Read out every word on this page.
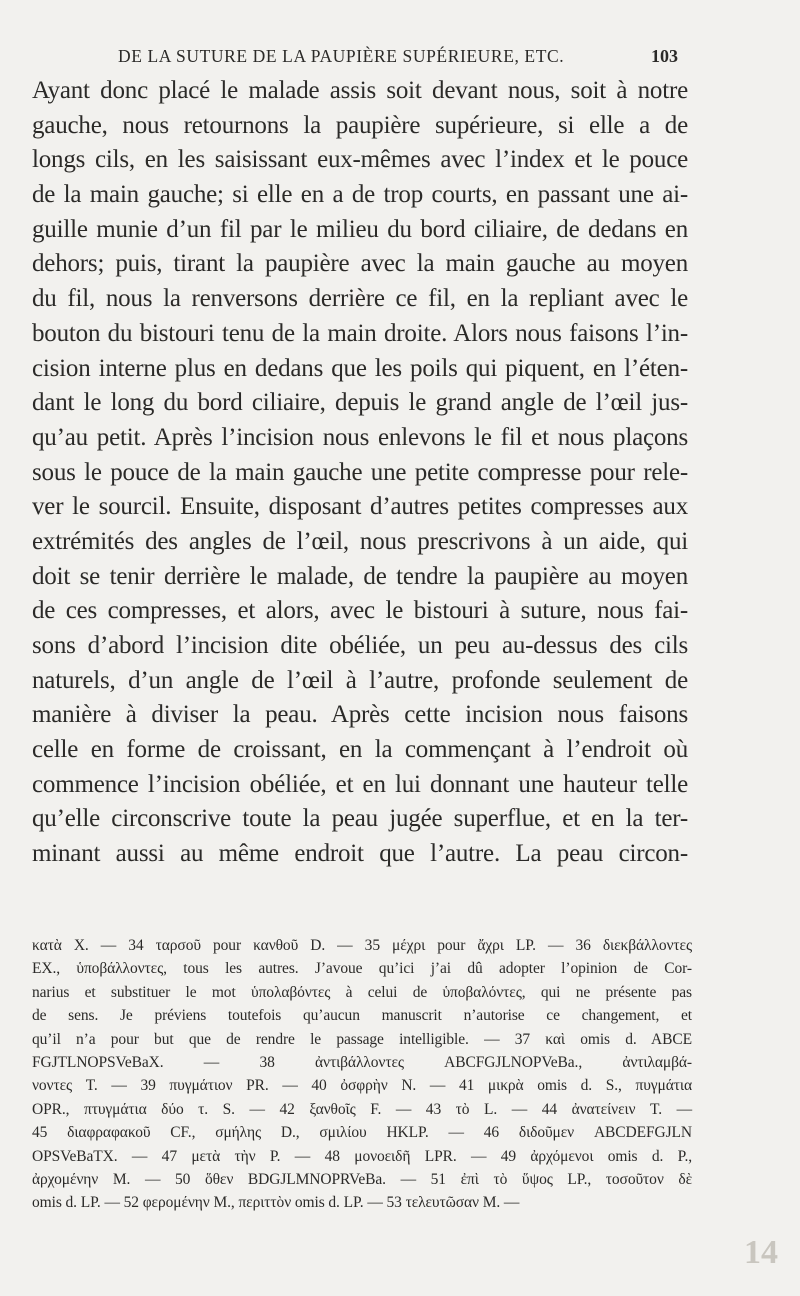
DE LA SUTURE DE LA PAUPIÈRE SUPÉRIEURE, ETC.	103
Ayant donc placé le malade assis soit devant nous, soit à notre
gauche, nous retournons la paupière supérieure, si elle a de
longs cils, en les saisissant eux-mêmes avec l’index et le pouce
de la main gauche; si elle en a de trop courts, en passant une ai-
guille munie d’un fil par le milieu du bord ciliaire, de dedans en
dehors; puis, tirant la paupière avec la main gauche au moyen
du fil, nous la renversons derrière ce fil, en la repliant avec le
bouton du bistouri tenu de la main droite. Alors nous faisons l’in-
cision interne plus en dedans que les poils qui piquent, en l’éten-
dant le long du bord ciliaire, depuis le grand angle de l’œil jus-
qu’au petit. Après l’incision nous enlevons le fil et nous plaçons
sous le pouce de la main gauche une petite compresse pour rele-
ver le sourcil. Ensuite, disposant d’autres petites compresses aux
extrémités des angles de l’œil, nous prescrivons à un aide, qui
doit se tenir derrière le malade, de tendre la paupière au moyen
de ces compresses, et alors, avec le bistouri à suture, nous fai-
sons d’abord l’incision dite obéliée, un peu au-dessus des cils
naturels, d’un angle de l’œil à l’autre, profonde seulement de
manière à diviser la peau. Après cette incision nous faisons
celle en forme de croissant, en la commençant à l’endroit où
commence l’incision obéliée, et en lui donnant une hauteur telle
qu’elle circonscrive toute la peau jugée superflue, et en la ter-
minant aussi au même endroit que l’autre. La peau circon-
κατὰ X. — 34 ταρσοῦ pour κανθοῦ D. — 35 μέχρι pour ἄχρι LP. — 36 διεκβάλλοντες
EX., ὑποβάλλοντες, tous les autres. J’avoue qu’ici j’ai dû adopter l’opinion de Cor-
narius et substituer le mot ὑπολαβόντες à celui de ὑποβαλόντες, qui ne présente pas
de sens. Je préviens toutefois qu’aucun manuscrit n’autorise ce changement, et
qu’il n’a pour but que de rendre le passage intelligible. — 37 καὶ omis d. ABCE
FGJTLNOPSVeBaX. — 38 ἀντιβάλλοντες ABCFGJLNOPVeBa., ἀντιλαμβά-
νοντες T. — 39 πυγμάτιον PR. — 40 ὀσφρὴν N. — 41 μικρὰ omis d. S., πυγμάτια
OPR., πτυγμάτια δύο τ. S. — 42 ξανθοῖς F. — 43 τὸ L. — 44 ἀνατείνειν T. —
45 διαφραφακοῦ CF., σμήλης D., σμιλίου HKLP. — 46 διδοῦμεν ABCDEFGJLN
OPSVeBaTX. — 47 μετὰ τὴν P. — 48 μονοειδῆ LPR. — 49 ἀρχόμενοι omis d. P.,
ἀρχομένην M. — 50 ὅθεν BDGJLMNOPRVeBa. — 51 ἐπὶ τὸ ὕψος LP., τοσοῦτον δὲ
omis d. LP. — 52 φερομένην M., περιττὸν omis d. LP. — 53 τελευτῶσαν M. —
14
